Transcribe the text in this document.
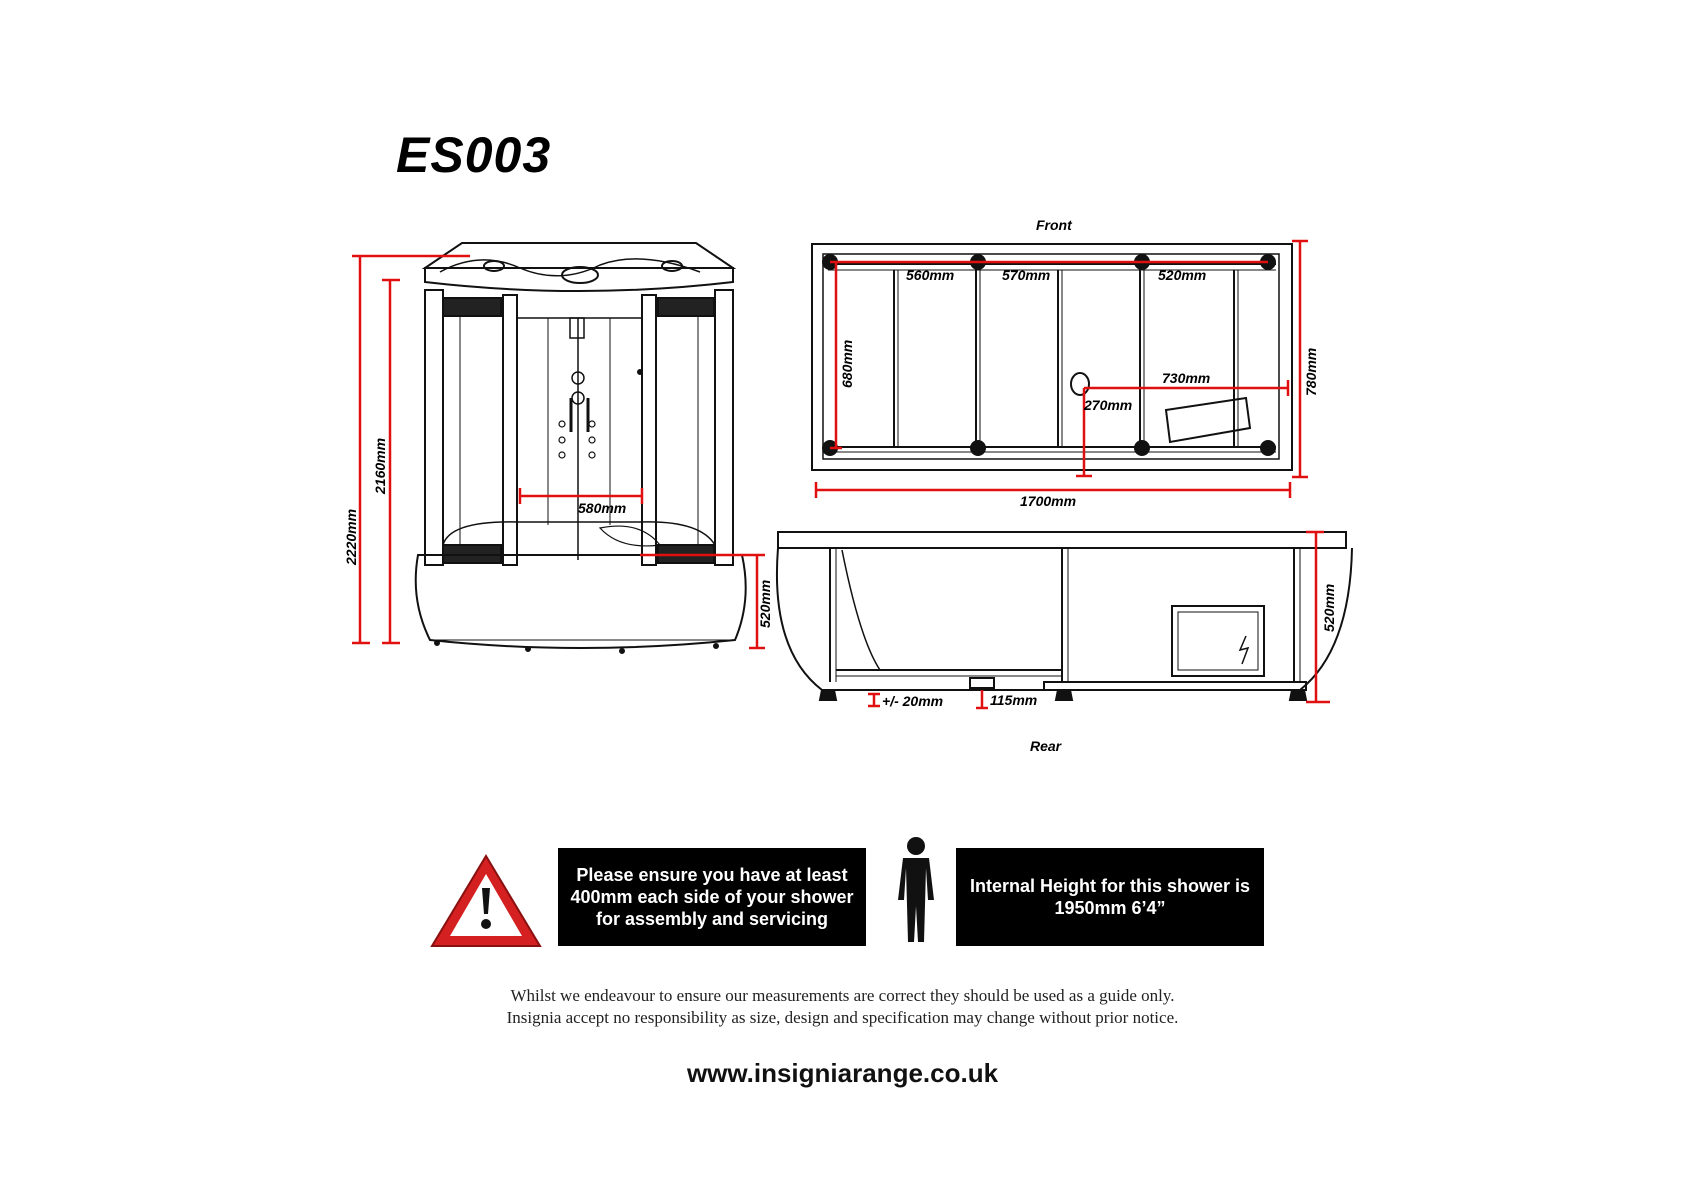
ES003
2220mm
2160mm
580mm
520mm
Front
560mm	570mm	520mm
680mm	780mm
730mm
270mm
1700mm
520mm
+/- 20mm	115mm
Rear
Please ensure you have at least 400mm each side of your shower for assembly and servicing
Internal Height for this shower is 1950mm 6’4”
Whilst we endeavour to ensure our measurements are correct they should be used as a guide only.
Insignia accept no responsibility as size, design and specification may change without prior notice.
www.insigniarange.co.uk
